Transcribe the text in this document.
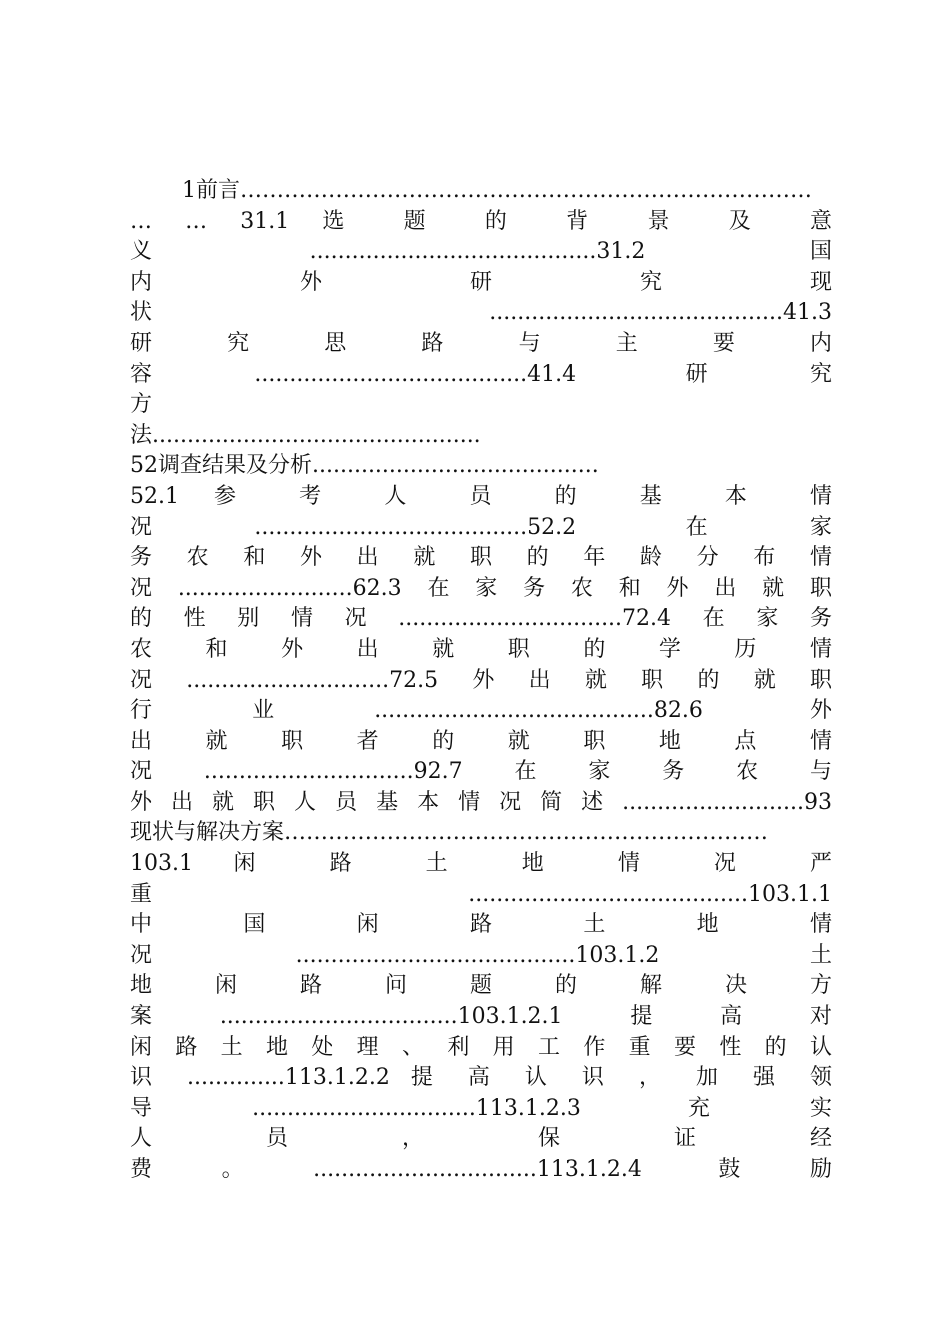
1前言……………………………………………………………………
… … 31.1 选 题 的 背 景 及 意
义.........................................31.2 国
内 外 研 究 现
状 ..........................................41.3
研 究 思 路 与 主 要 内
容.......................................41.4 研究
方
法...............................................
52调查结果及分析.........................................
52.1 参 考 人 员 的 基 本 情
况.......................................52.2 在家
务 农 和 外 出 就 职 的 年 龄 分 布 情
况.........................62.3在家务农和外出就职
的性别情况................................72.4在家务
农 和 外 出 就 职 的 学 历 情
况.............................72.5外出就职的就职
行业........................................82.6 外
出 就 职 者 的 就 职 地 点 情
况..............................92.7在家务农与
外出就职人员基本情况简述..........................93
现状与解决方案…………………………………………………………
103.1 闲 路 土 地 情 况 严
重 ........................................103.1.1
中 国 闲 路 土 地 情
况........................................103.1.2 土
地 闲 路 问 题 的 解 决 方
案..................................103.1.2.1提高对
闲 路 土 地 处 理 、 利 用 工 作 重 要 性 的 认
识 ..............113.1.2.2 提 高 认 识 ， 加 强 领
导................................113.1.2.3 充实
人 员 ， 保 证 经
费。................................113.1.2.4 鼓励
